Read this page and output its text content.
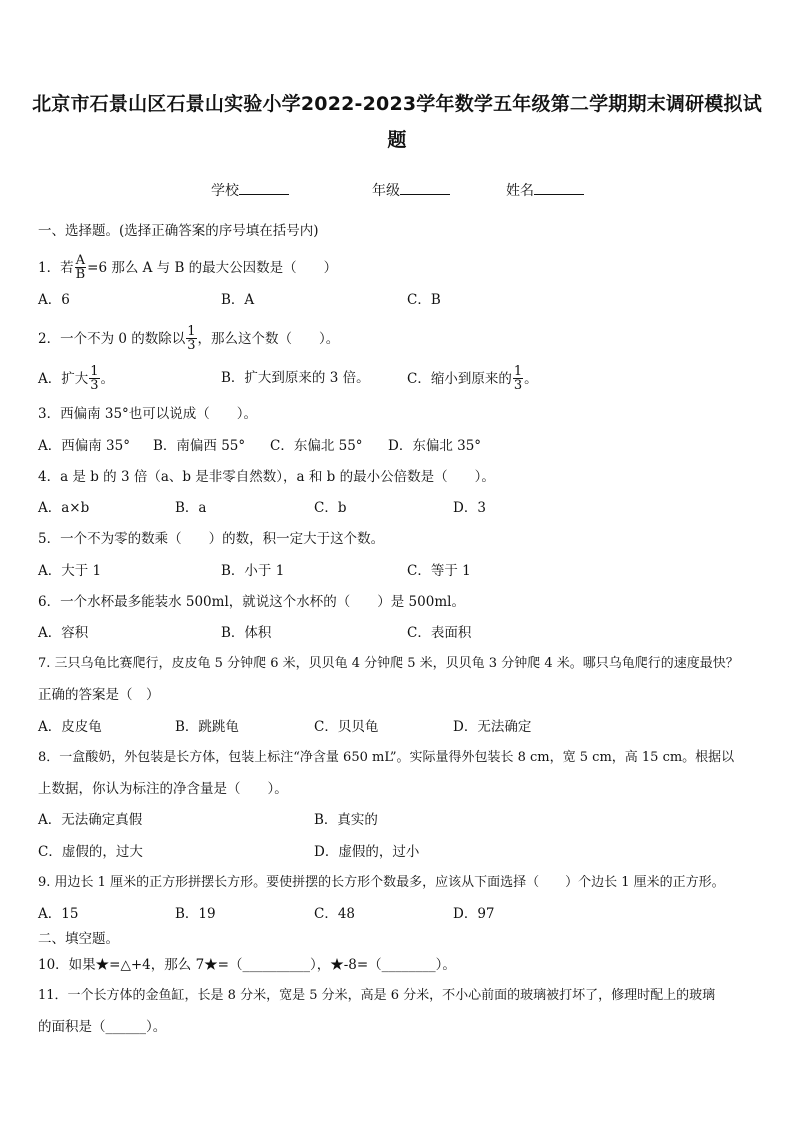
北京市石景山区石景山实验小学2022-2023学年数学五年级第二学期期末调研模拟试
题
学校	年级	姓名
一、选择题。(选择正确答案的序号填在括号内)
1．若 $\frac{A}{B} =6$ 那么 A 与 B 的最大公因数是（　　）
A．6	B．A	C．B
2．一个不为 0 的数除以 $\frac{1}{3}$ ，那么这个数（　　）。
A．扩大 $\frac{1}{3}$ 。	B．扩大到原来的 3 倍。	C．缩小到原来的 $\frac{1}{3}$ 。
3．西偏南 35°也可以说成（　　）。
A．西偏南 35° B．南偏西 55° C．东偏北 55° D．东偏北 35°
4．a 是 b 的 3 倍（a、b 是非零自然数），a 和 b 的最小公倍数是（　　）。
A．a×b	B．a	C．b	D．3
5．一个不为零的数乘（　　）的数，积一定大于这个数。
A．大于 1	B．小于 1	C．等于 1
6．一个水杯最多能装水 500ml，就说这个水杯的（　　）是 500ml。
A．容积	B．体积	C．表面积
7. 三只乌龟比赛爬行，皮皮龟 5 分钟爬 6 米，贝贝龟 4 分钟爬 5 米，贝贝龟 3 分钟爬 4 米。哪只乌龟爬行的速度最快？
正确的答案是（　）
A．皮皮龟	B．跳跳龟	C．贝贝龟	D．无法确定
8．一盒酸奶，外包装是长方体，包装上标注“净含量 650 mL”。实际量得外包装长 8 cm，宽 5 cm，高 15 cm。根据以
上数据，你认为标注的净含量是（　　）。
A．无法确定真假	B．真实的
C．虚假的，过大	D．虚假的，过小
9. 用边长 1 厘米的正方形拼摆长方形。要使拼摆的长方形个数最多，应该从下面选择（　　）个边长 1 厘米的正方形。
A．15	B．19	C．48	D．97
二、填空题。
10．如果★=△+4，那么 7★=（__________），★-8=（________）。
11．一个长方体的金鱼缸，长是 8 分米，宽是 5 分米，高是 6 分米，不小心前面的玻璃被打坏了，修理时配上的玻璃
的面积是（______）。
